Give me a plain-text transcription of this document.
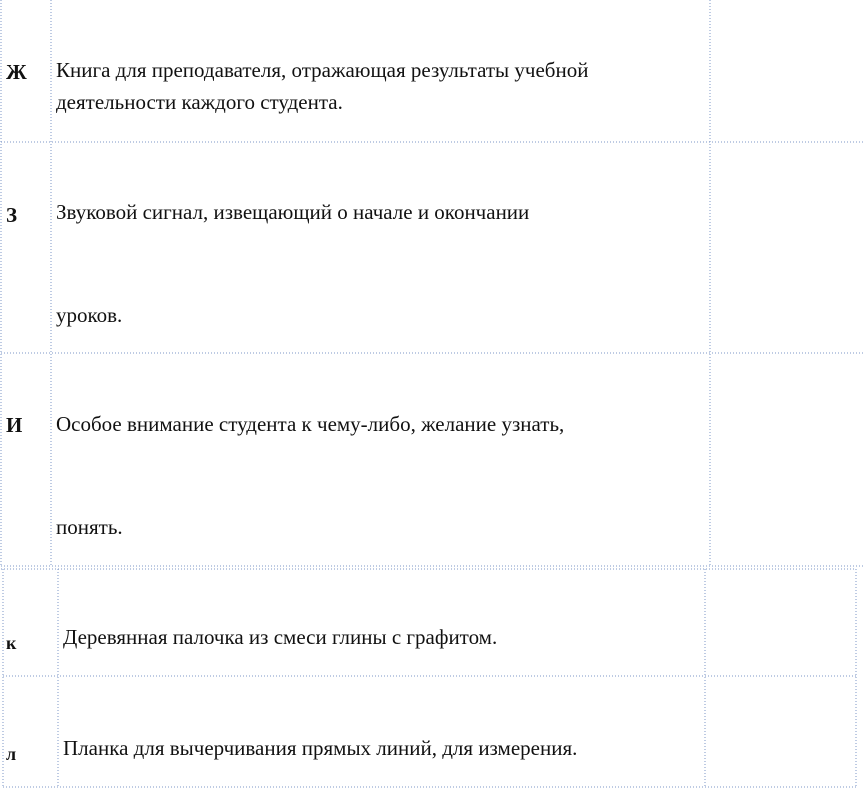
Ж Книга для преподавателя, отражающая результаты учебной
деятельности каждого студента.
З Звуковой сигнал, извещающий о начале и окончании
уроков.
И Особое внимание студента к чему-либо, желание узнать,
понять.
к Деревянная палочка из смеси глины с графитом.
л Планка для вычерчивания прямых линий, для измерения.
